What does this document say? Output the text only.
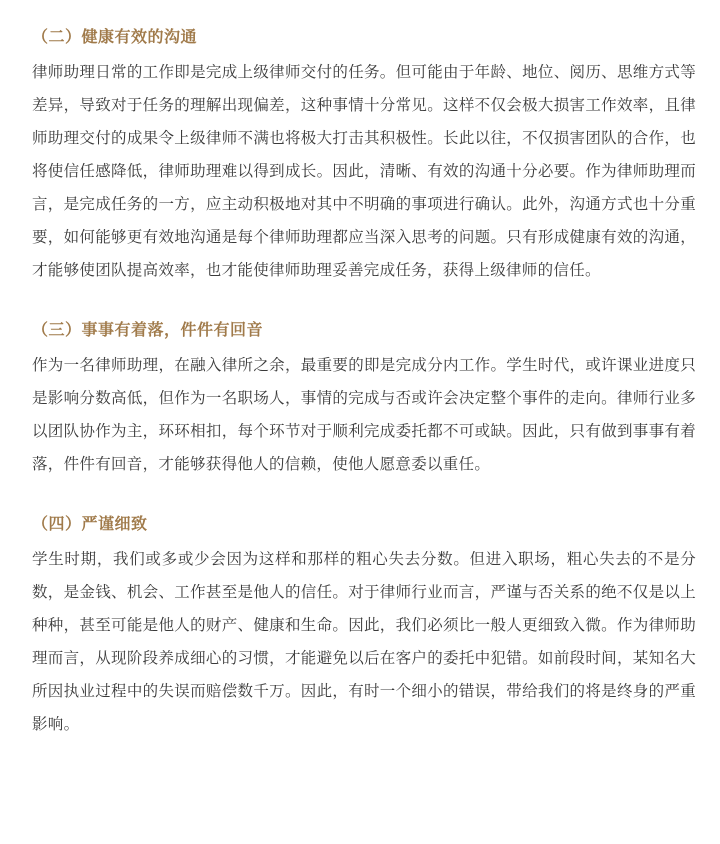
（二）健康有效的沟通

律师助理日常的工作即是完成上级律师交付的任务。但可能由于年龄、地位、阅历、思维方式等差异，导致对于任务的理解出现偏差，这种事情十分常见。这样不仅会极大损害工作效率，且律师助理交付的成果令上级律师不满也将极大打击其积极性。长此以往，不仅损害团队的合作，也将使信任感降低，律师助理难以得到成长。因此，清晰、有效的沟通十分必要。作为律师助理而言，是完成任务的一方，应主动积极地对其中不明确的事项进行确认。此外，沟通方式也十分重要，如何能够更有效地沟通是每个律师助理都应当深入思考的问题。只有形成健康有效的沟通，才能够使团队提高效率，也才能使律师助理妥善完成任务，获得上级律师的信任。

（三）事事有着落，件件有回音

作为一名律师助理，在融入律所之余，最重要的即是完成分内工作。学生时代，或许课业进度只是影响分数高低，但作为一名职场人，事情的完成与否或许会决定整个事件的走向。律师行业多以团队协作为主，环环相扣，每个环节对于顺利完成委托都不可或缺。因此，只有做到事事有着落，件件有回音，才能够获得他人的信赖，使他人愿意委以重任。

（四）严谨细致

学生时期，我们或多或少会因为这样和那样的粗心失去分数。但进入职场，粗心失去的不是分数，是金钱、机会、工作甚至是他人的信任。对于律师行业而言，严谨与否关系的绝不仅是以上种种，甚至可能是他人的财产、健康和生命。因此，我们必须比一般人更细致入微。作为律师助理而言，从现阶段养成细心的习惯，才能避免以后在客户的委托中犯错。如前段时间，某知名大所因执业过程中的失误而赔偿数千万。因此，有时一个细小的错误，带给我们的将是终身的严重影响。
